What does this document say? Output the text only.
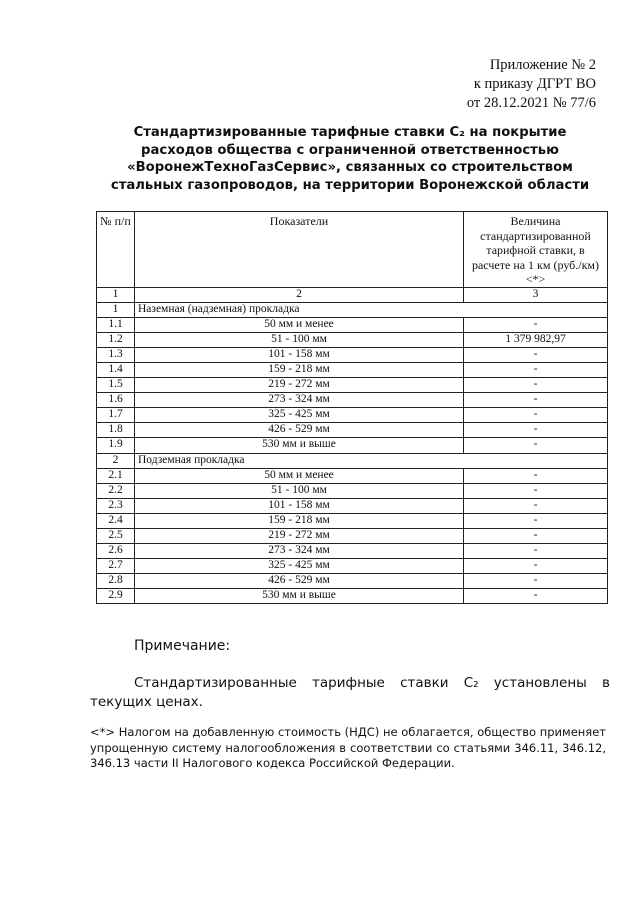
Приложение № 2
к приказу ДГРТ ВО
от 28.12.2021 № 77/6
Стандартизированные тарифные ставки С₂ на покрытие
расходов общества с ограниченной ответственностью
«ВоронежТехноГазСервис», связанных со строительством
стальных газопроводов, на территории Воронежской области
№ п/п	Показатели	Величина стандартизированной тарифной ставки, в расчете на 1 км (руб./км) <*>
1	2	3
1	Наземная (надземная) прокладка	
1.1	50 мм и менее	-
1.2	51 - 100 мм	1 379 982,97
1.3	101 - 158 мм	-
1.4	159 - 218 мм	-
1.5	219 - 272 мм	-
1.6	273 - 324 мм	-
1.7	325 - 425 мм	-
1.8	426 - 529 мм	-
1.9	530 мм и выше	-
2	Подземная прокладка	
2.1	50 мм и менее	-
2.2	51 - 100 мм	-
2.3	101 - 158 мм	-
2.4	159 - 218 мм	-
2.5	219 - 272 мм	-
2.6	273 - 324 мм	-
2.7	325 - 425 мм	-
2.8	426 - 529 мм	-
2.9	530 мм и выше	-
Примечание:
Стандартизированные тарифные ставки С₂ установлены в текущих ценах.
<*> Налогом на добавленную стоимость (НДС) не облагается, общество применяет упрощенную систему налогообложения в соответствии со статьями 346.11, 346.12, 346.13 части II Налогового кодекса Российской Федерации.
